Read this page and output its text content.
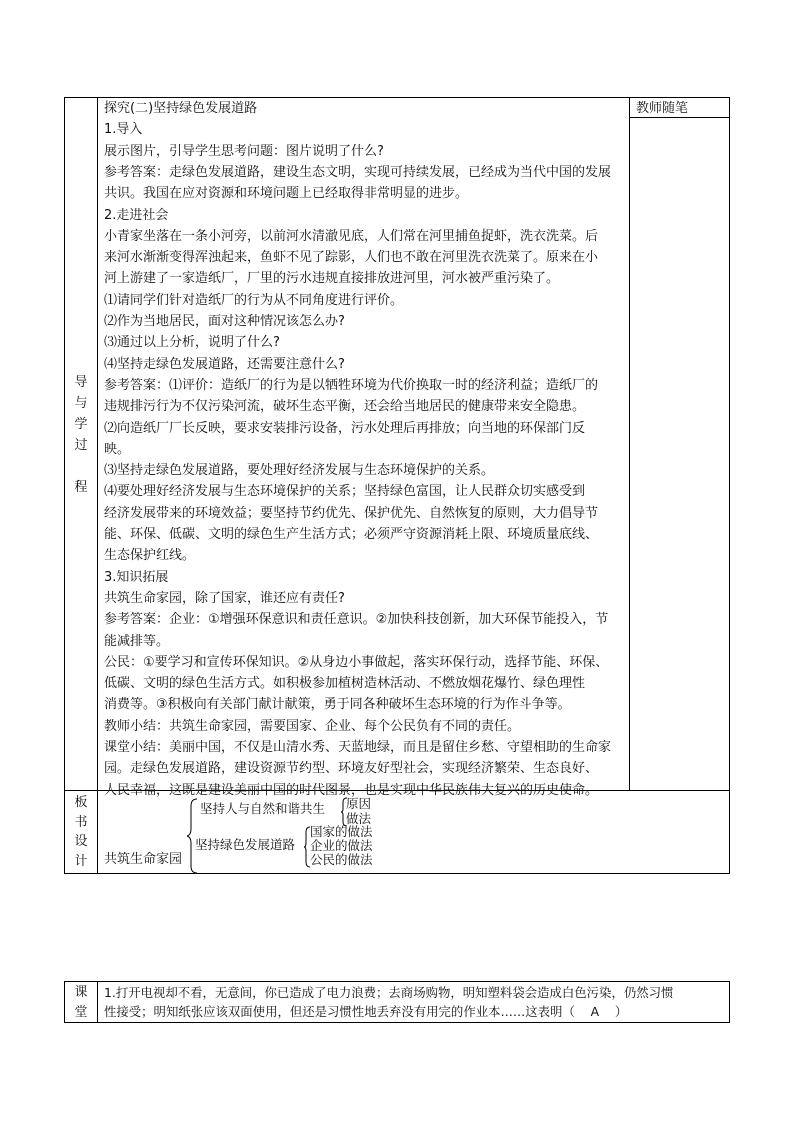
导
与
学
过
程
教师随笔
探究(二)坚持绿色发展道路
1.导入
展示图片，引导学生思考问题：图片说明了什么?
参考答案：走绿色发展道路，建设生态文明，实现可持续发展，已经成为当代中国的发展
共识。我国在应对资源和环境问题上已经取得非常明显的进步。
2.走进社会
小青家坐落在一条小河旁，以前河水清澈见底，人们常在河里捕鱼捉虾，洗衣洗菜。后
来河水渐渐变得浑浊起来，鱼虾不见了踪影，人们也不敢在河里洗衣洗菜了。原来在小
河上游建了一家造纸厂，厂里的污水违规直接排放进河里，河水被严重污染了。
⑴请同学们针对造纸厂的行为从不同角度进行评价。
⑵作为当地居民，面对这种情况该怎么办?
⑶通过以上分析，说明了什么?
⑷坚持走绿色发展道路，还需要注意什么?
参考答案：⑴评价：造纸厂的行为是以牺牲环境为代价换取一时的经济利益；造纸厂的
违规排污行为不仅污染河流，破坏生态平衡，还会给当地居民的健康带来安全隐患。
⑵向造纸厂厂长反映，要求安装排污设备，污水处理后再排放；向当地的环保部门反
映。
⑶坚持走绿色发展道路，要处理好经济发展与生态环境保护的关系。
⑷要处理好经济发展与生态环境保护的关系；坚持绿色富国，让人民群众切实感受到
经济发展带来的环境效益；要坚持节约优先、保护优先、自然恢复的原则，大力倡导节
能、环保、低碳、文明的绿色生产生活方式；必须严守资源消耗上限、环境质量底线、
生态保护红线。
3.知识拓展
共筑生命家园，除了国家，谁还应有责任?
参考答案：企业：①增强环保意识和责任意识。②加快科技创新，加大环保节能投入，节
能减排等。
公民：①要学习和宣传环保知识。②从身边小事做起，落实环保行动，选择节能、环保、
低碳、文明的绿色生活方式。如积极参加植树造林活动、不燃放烟花爆竹、绿色理性
消费等。③积极向有关部门献计献策，勇于同各种破坏生态环境的行为作斗争等。
教师小结：共筑生命家园，需要国家、企业、每个公民负有不同的责任。
课堂小结：美丽中国，不仅是山清水秀、天蓝地绿，而且是留住乡愁、守望相助的生命家
园。走绿色发展道路，建设资源节约型、环境友好型社会，实现经济繁荣、生态良好、
人民幸福，这既是建设美丽中国的时代图景，也是实现中华民族伟大复兴的历史使命。
板
书
设
计	共筑生命家园
坚持人与自然和谐共生 原因
做法
坚持绿色发展道路
国家的做法
企业的做法
公民的做法
课
堂
1.打开电视却不看，无意间，你已造成了电力浪费；去商场购物，明知塑料袋会造成白色污染，仍然习惯
性接受；明知纸张应该双面使用，但还是习惯性地丢弃没有用完的作业本……这表明（ A ）
